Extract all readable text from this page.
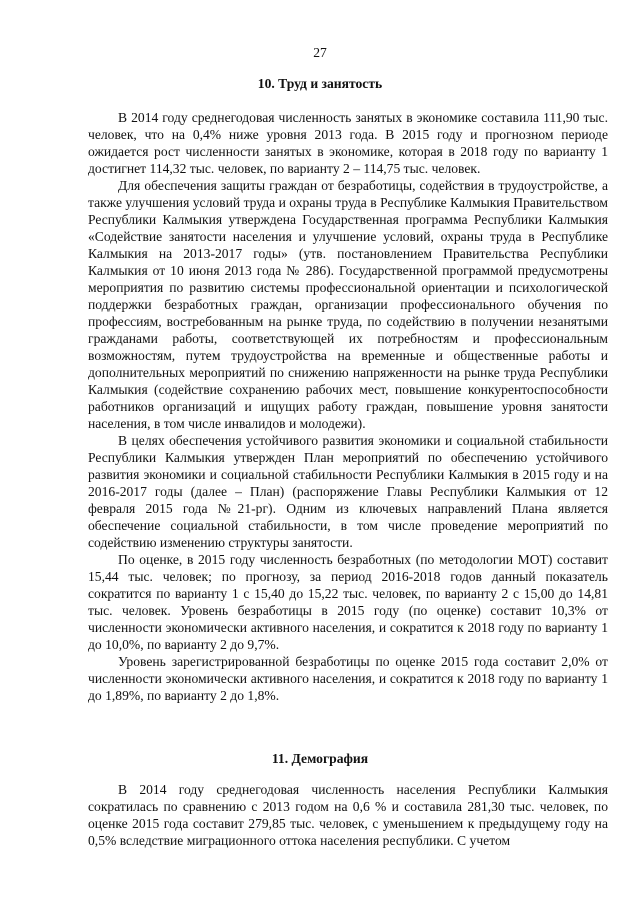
27
10. Труд и занятость

В 2014 году среднегодовая численность занятых в экономике составила 111,90 тыс. человек, что на 0,4% ниже уровня 2013 года. В 2015 году и прогнозном периоде ожидается рост численности занятых в экономике, которая в 2018 году по варианту 1 достигнет 114,32 тыс. человек, по варианту 2 – 114,75 тыс. человек.

Для обеспечения защиты граждан от безработицы, содействия в трудоустройстве, а также улучшения условий труда и охраны труда в Республике Калмыкия Правительством Республики Калмыкия утверждена Государственная программа Республики Калмыкия «Содействие занятости населения и улучшение условий, охраны труда в Республике Калмыкия на 2013-2017 годы» (утв. постановлением Правительства Республики Калмыкия от 10 июня 2013 года № 286). Государственной программой предусмотрены мероприятия по развитию системы профессиональной ориентации и психологической поддержки безработных граждан, организации профессионального обучения по профессиям, востребованным на рынке труда, по содействию в получении незанятыми гражданами работы, соответствующей их потребностям и профессиональным возможностям, путем трудоустройства на временные и общественные работы и дополнительных мероприятий по снижению напряженности на рынке труда Республики Калмыкия (содействие сохранению рабочих мест, повышение конкурентоспособности работников организаций и ищущих работу граждан, повышение уровня занятости населения, в том числе инвалидов и молодежи).

В целях обеспечения устойчивого развития экономики и социальной стабильности Республики Калмыкия утвержден План мероприятий по обеспечению устойчивого развития экономики и социальной стабильности Республики Калмыкия в 2015 году и на 2016-2017 годы (далее – План) (распоряжение Главы Республики Калмыкия от 12 февраля 2015 года №21-рг). Одним из ключевых направлений Плана является обеспечение социальной стабильности, в том числе проведение мероприятий по содействию изменению структуры занятости.

По оценке, в 2015 году численность безработных (по методологии МОТ) составит 15,44 тыс. человек; по прогнозу, за период 2016-2018 годов данный показатель сократится по варианту 1 с 15,40 до 15,22 тыс. человек, по варианту 2 с 15,00 до 14,81 тыс. человек. Уровень безработицы в 2015 году (по оценке) составит 10,3% от численности экономически активного населения, и сократится к 2018 году по варианту 1 до 10,0%, по варианту 2 до 9,7%.

Уровень зарегистрированной безработицы по оценке 2015 года составит 2,0% от численности экономически активного населения, и сократится к 2018 году по варианту 1 до 1,89%, по варианту 2 до 1,8%.

11. Демография

В 2014 году среднегодовая численность населения Республики Калмыкия сократилась по сравнению с 2013 годом на 0,6 % и составила 281,30 тыс. человек, по оценке 2015 года составит 279,85 тыс. человек, с уменьшением к предыдущему году на 0,5% вследствие миграционного оттока населения республики. С учетом
